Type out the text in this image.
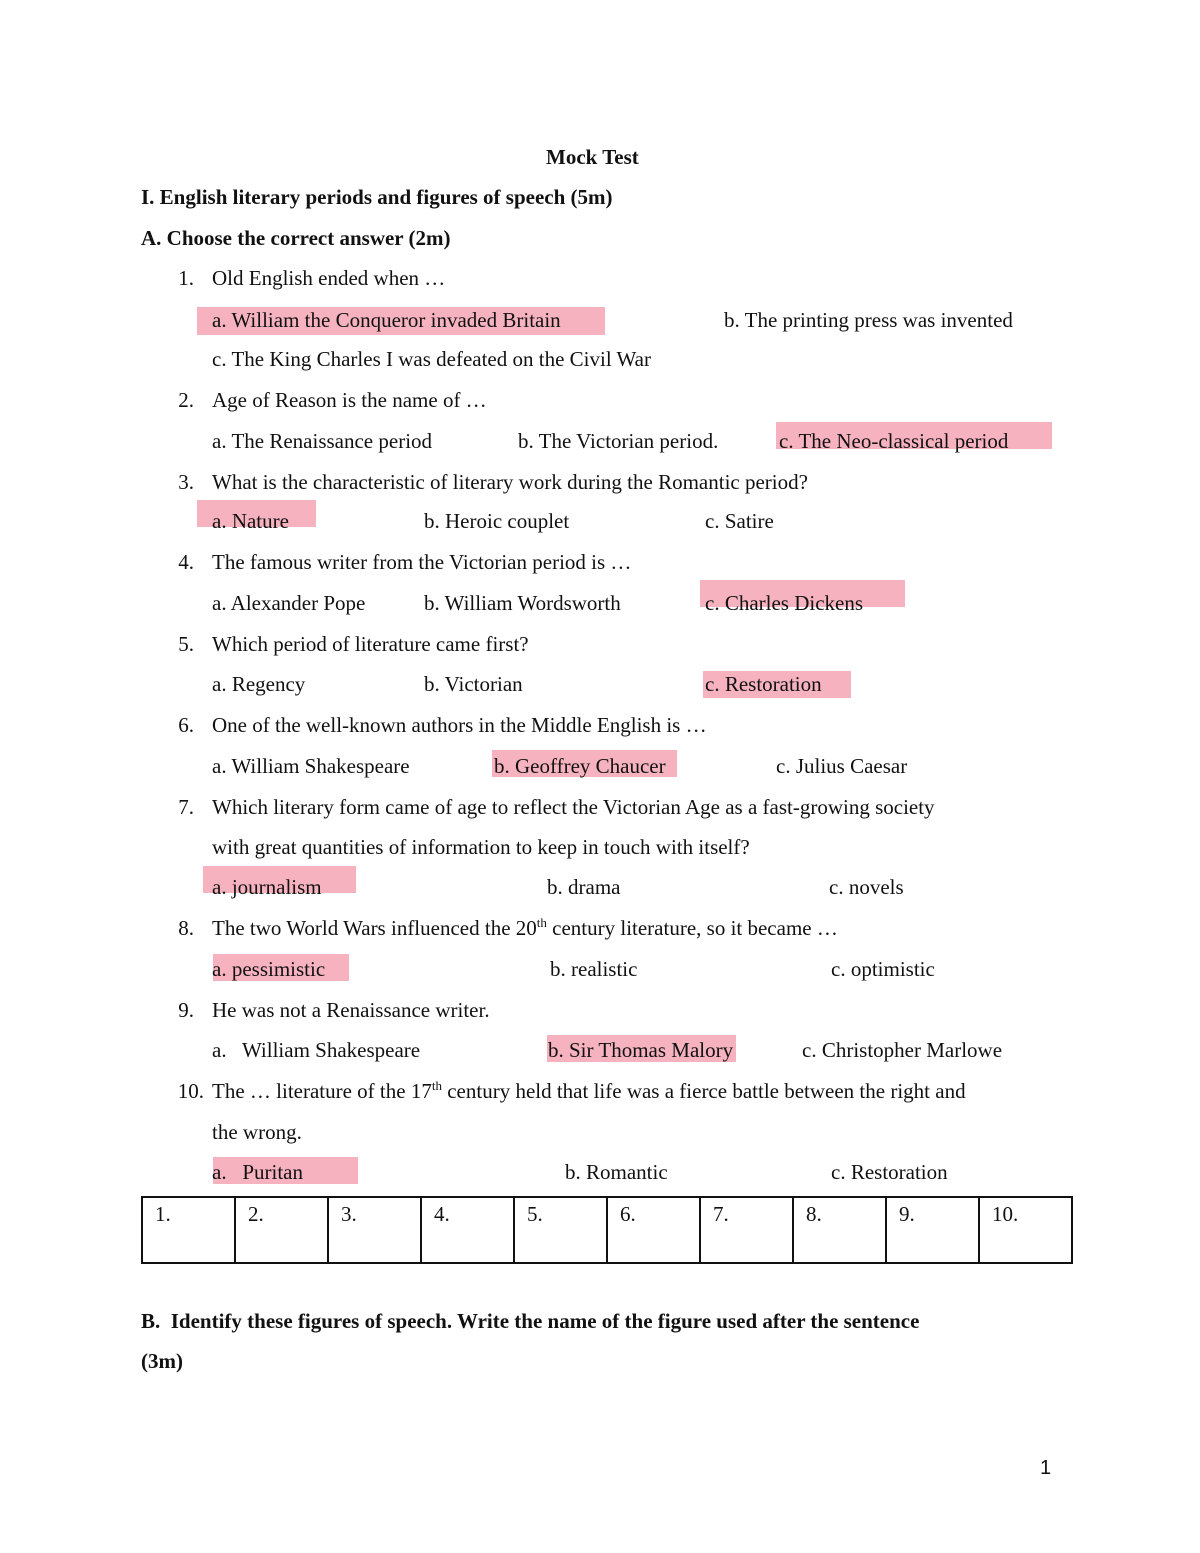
Mock Test
I. English literary periods and figures of speech (5m)
A. Choose the correct answer (2m)
1. Old English ended when …
a. William the Conqueror invaded Britain	b. The printing press was invented
c. The King Charles I was defeated on the Civil War
2. Age of Reason is the name of …
a. The Renaissance period	b. The Victorian period.	c. The Neo-classical period
3. What is the characteristic of literary work during the Romantic period?
a. Nature	b. Heroic couplet	c. Satire
4. The famous writer from the Victorian period is …
a. Alexander Pope	b. William Wordsworth	c. Charles Dickens
5. Which period of literature came first?
a. Regency	b. Victorian	c. Restoration
6. One of the well-known authors in the Middle English is …
a. William Shakespeare	b. Geoffrey Chaucer	c. Julius Caesar
7. Which literary form came of age to reflect the Victorian Age as a fast-growing society
with great quantities of information to keep in touch with itself?
a. journalism	b. drama	c. novels
8. The two World Wars influenced the 20th century literature, so it became …
a. pessimistic	b. realistic	c. optimistic
9. He was not a Renaissance writer.
a.   William Shakespeare	b. Sir Thomas Malory	c. Christopher Marlowe
10. The … literature of the 17th century held that life was a fierce battle between the right and
the wrong.
a.   Puritan	b. Romantic	c. Restoration
1.	2.	3.	4.	5.	6.	7.	8.	9.	10.
B.  Identify these figures of speech. Write the name of the figure used after the sentence
(3m)
1
